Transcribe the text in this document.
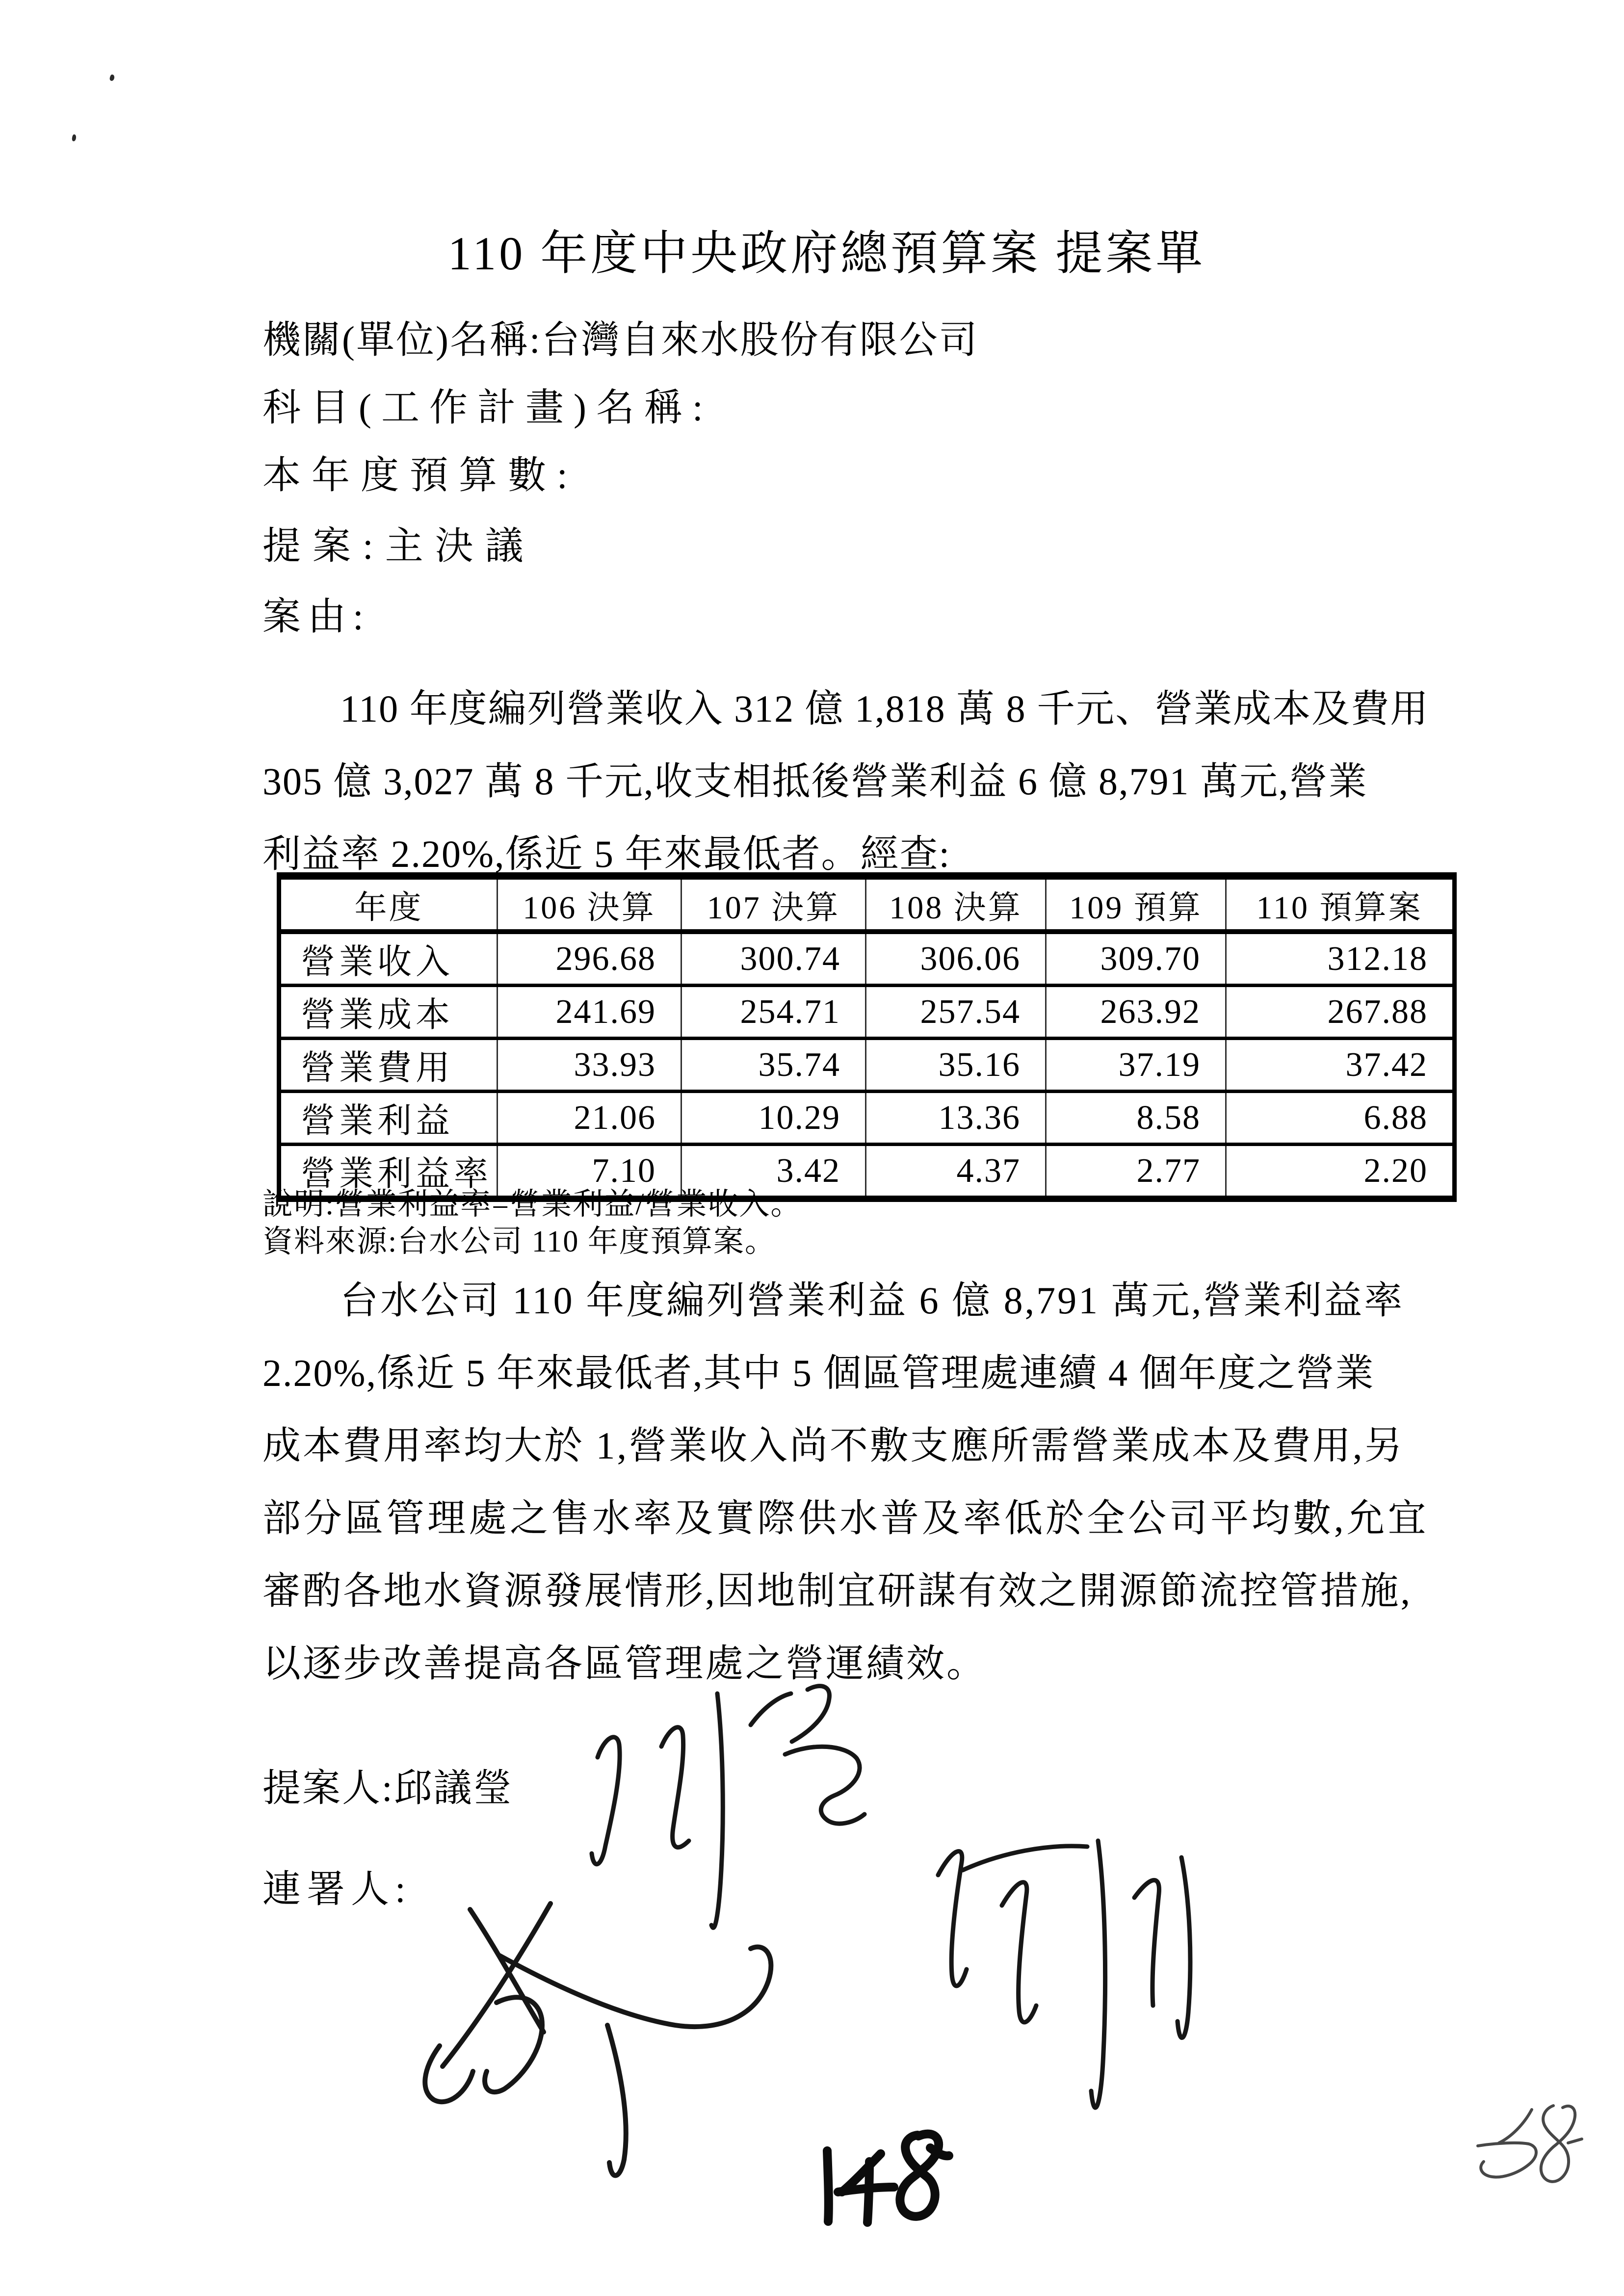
110 年度中央政府總預算案 提案單
機關(單位)名稱:台灣自來水股份有限公司
科目(工作計畫)名稱:
本年度預算數:
提案:主決議
案由:
110 年度編列營業收入 312 億 1,818 萬 8 千元、營業成本及費用
305 億 3,027 萬 8 千元,收支相抵後營業利益 6 億 8,791 萬元,營業
利益率 2.20%,係近 5 年來最低者。經查:
年度	106 決算	107 決算	108 決算	109 預算	110 預算案
營業收入	296.68	300.74	306.06	309.70	312.18
營業成本	241.69	254.71	257.54	263.92	267.88
營業費用	33.93	35.74	35.16	37.19	37.42
營業利益	21.06	10.29	13.36	8.58	6.88
營業利益率	7.10	3.42	4.37	2.77	2.20
說明:營業利益率=營業利益/營業收入。
資料來源:台水公司 110 年度預算案。
台水公司 110 年度編列營業利益 6 億 8,791 萬元,營業利益率
2.20%,係近 5 年來最低者,其中 5 個區管理處連續 4 個年度之營業
成本費用率均大於 1,營業收入尚不敷支應所需營業成本及費用,另
部分區管理處之售水率及實際供水普及率低於全公司平均數,允宜
審酌各地水資源發展情形,因地制宜研謀有效之開源節流控管措施,
以逐步改善提高各區管理處之營運績效。
提案人:邱議瑩
連署人:
